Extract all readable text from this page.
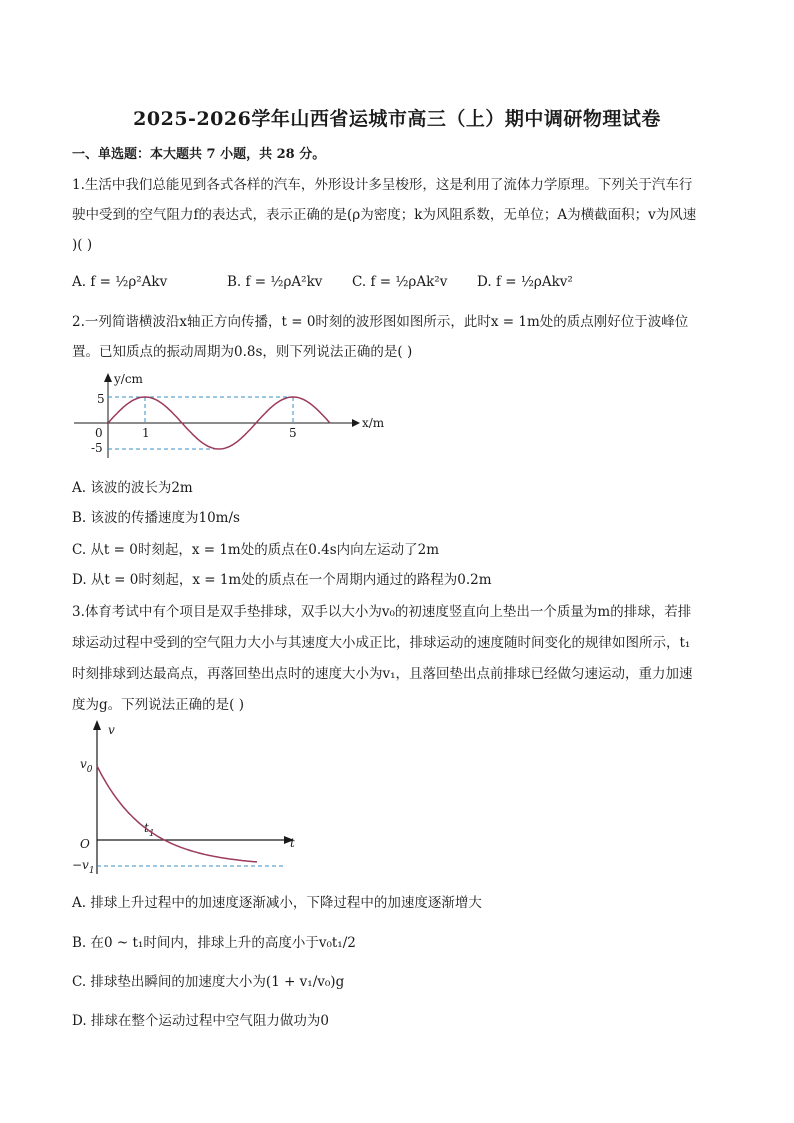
2025-2026学年山西省运城市高三（上）期中调研物理试卷
一、单选题：本大题共 7 小题，共 28 分。
1.生活中我们总能见到各式各样的汽车，外形设计多呈梭形，这是利用了流体力学原理。下列关于汽车行
驶中受到的空气阻力f的表达式，表示正确的是(ρ为密度；k为风阻系数，无单位；A为横截面积；v为风速
)( )
A. f = ½ρ²Akv	B. f = ½ρA²kv C. f = ½ρAk²v D. f = ½ρAkv²
2.一列简谐横波沿x轴正方向传播，t = 0时刻的波形图如图所示，此时x = 1m处的质点刚好位于波峰位
置。已知质点的振动周期为0.8s，则下列说法正确的是( )
y/cm
x/m
0	1	5
5
-5
A. 该波的波长为2m
B. 该波的传播速度为10m/s
C. 从t = 0时刻起，x = 1m处的质点在0.4s内向左运动了2m
D. 从t = 0时刻起，x = 1m处的质点在一个周期内通过的路程为0.2m
3.体育考试中有个项目是双手垫排球，双手以大小为v₀的初速度竖直向上垫出一个质量为m的排球，若排
球运动过程中受到的空气阻力大小与其速度大小成正比，排球运动的速度随时间变化的规律如图所示，t₁
时刻排球到达最高点，再落回垫出点时的速度大小为v₁，且落回垫出点前排球已经做匀速运动，重力加速
度为g。下列说法正确的是( )
v
t
O
$v_0$
$t_1$
$-v_1$
A. 排球上升过程中的加速度逐渐减小，下降过程中的加速度逐渐增大
B. 在0 ~ t₁时间内，排球上升的高度小于v₀t₁/2
C. 排球垫出瞬间的加速度大小为(1 + v₁/v₀)g
D. 排球在整个运动过程中空气阻力做功为0
